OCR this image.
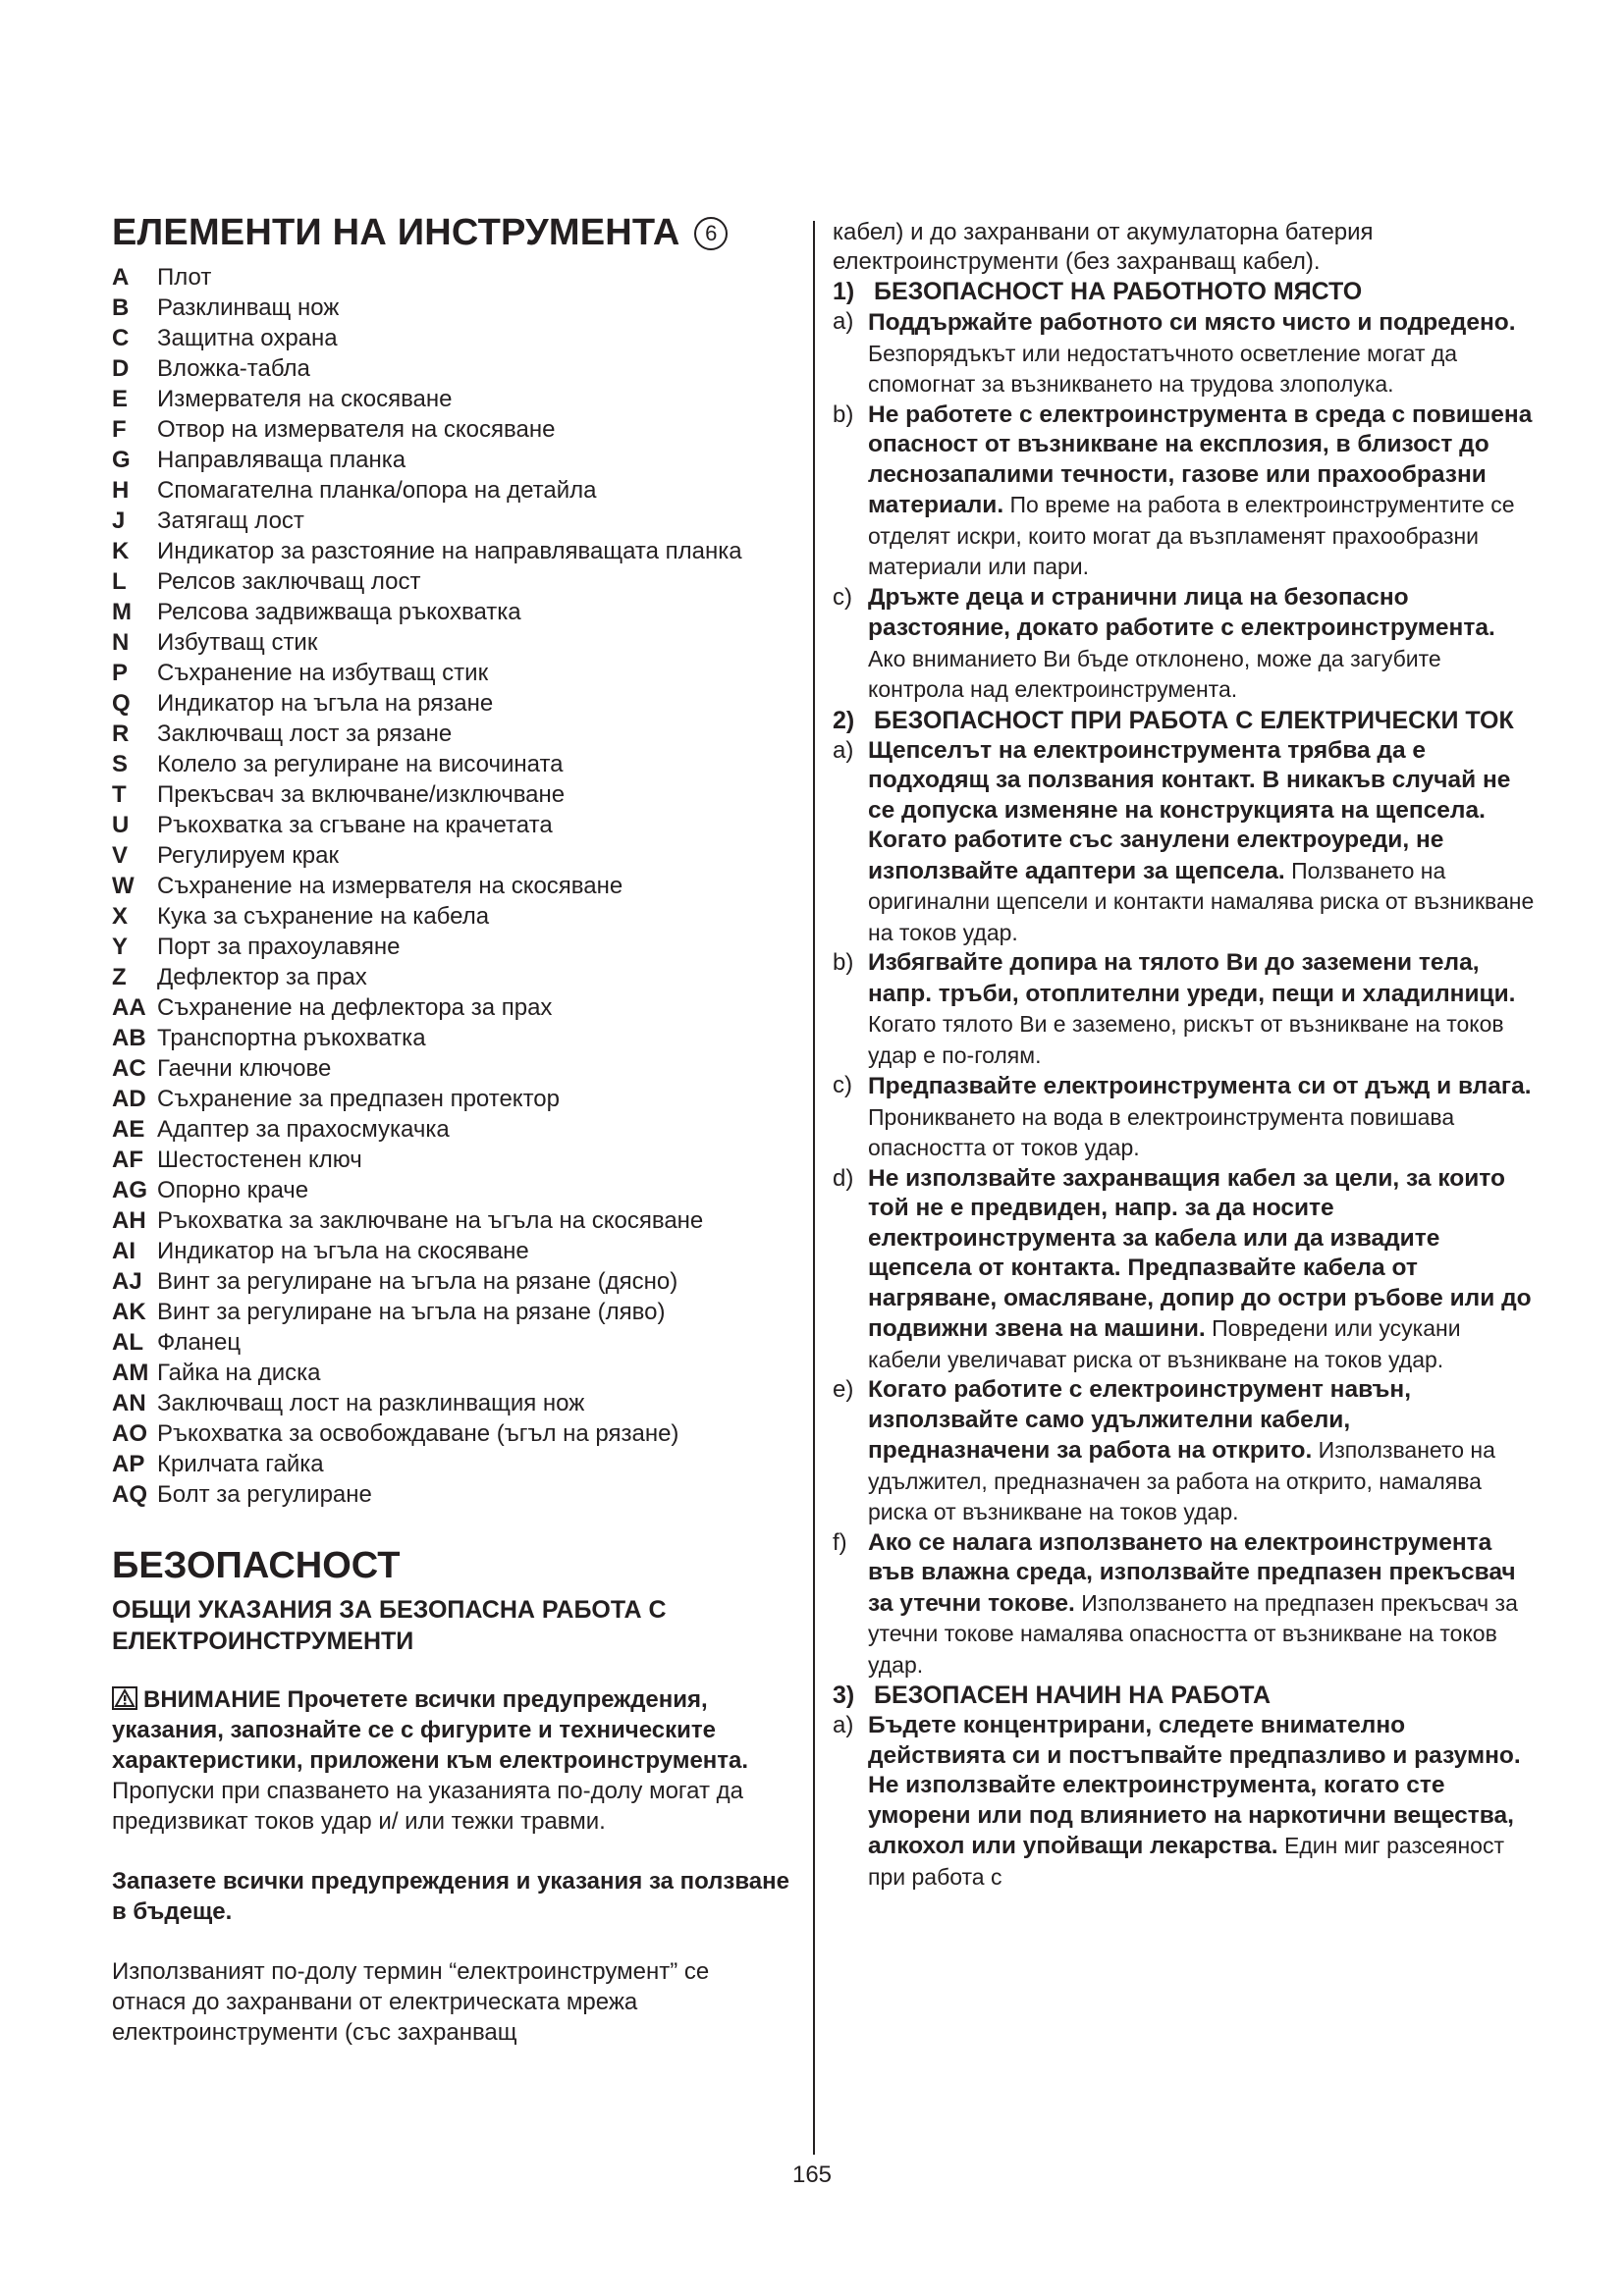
ЕЛЕМЕНТИ НА ИНСТРУМЕНТА 6
A	Плот
B	Разклинващ нож
C	Защитна охрана
D	Вложка-табла
E	Измервателя на скосяване
F	Отвор на измервателя на скосяване
G	Направляваща планка
H	Спомагателна планка/опора на детайла
J	Затягащ лост
K	Индикатор за разстояние на направляващата планка
L	Релсов заключващ лост
M	Релсова задвижваща ръкохватка
N	Избутващ стик
P	Съхранение на избутващ стик
Q	Индикатор на ъгъла на рязане
R	Заключващ лост за рязане
S	Колело за регулиране на височината
T	Прекъсвач за включване/изключване
U	Ръкохватка за сгъване на крачетата
V	Регулируем крак
W Съхранение на измервателя на скосяване
X	Кука за съхранение на кабела
Y	Порт за прахоулавяне
Z	Дефлектор за прах
AA Съхранение на дефлектора за прах
AB Транспортна ръкохватка
AC Гаечни ключове
AD Съхранение за предпазен протектор
AE Адаптер за прахосмукачка
AF Шестостенен ключ
AG Опорно краче
AH Ръкохватка за заключване на ъгъла на скосяване
AI Индикатор на ъгъла на скосяване
AJ Винт за регулиране на ъгъла на рязане (дясно)
AK Винт за регулиране на ъгъла на рязане (ляво)
AL Фланец
AM Гайка на диска
AN Заключващ лост на разклинващия нож
AO Ръкохватка за освобождаване (ъгъл на рязане)
AP Крилчата гайка
AQ Болт за регулиране
БЕЗОПАСНОСТ
ОБЩИ УКАЗАНИЯ ЗА БЕЗОПАСНА РАБОТА С ЕЛЕКТРОИНСТРУМЕНТИ
ВНИМАНИЕ Прочетете всички предупреждения, указания, запознайте се с фигурите и техническите характеристики, приложени към електроинструмента. Пропуски при спазването на указанията по-долу могат да предизвикат токов удар и/ или тежки травми.
Запазете всички предупреждения и указания за ползване в бъдеще.
Използваният по-долу термин “електроинструмент” се отнася до захранвани от електрическата мрежа електроинструменти (със захранващ
кабел) и до захранвани от акумулаторна батерия електроинструменти (без захранващ кабел).
1) БЕЗОПАСНОСТ НА РАБОТНОТО МЯСТО
a) Поддържайте работното си място чисто и подредено. Безпорядъкът или недостатъчното осветление могат да спомогнат за възникването на трудова злополука.
b) Не работете с електроинструмента в среда с повишена опасност от възникване на експлозия, в близост до леснозапалими течности, газове или прахообразни материали. По време на работа в електроинструментите се отделят искри, които могат да възпламенят прахообразни материали или пари.
c) Дръжте деца и странични лица на безопасно разстояние, докато работите с електроинструмента. Ако вниманието Ви бъде отклонено, може да загубите контрола над електроинструмента.
2) БЕЗОПАСНОСТ ПРИ РАБОТА С ЕЛЕКТРИЧЕСКИ ТОК
a) Щепселът на електроинструмента трябва да е подходящ за ползвания контакт. В никакъв случай не се допуска изменяне на конструкцията на щепсела. Когато работите със занулени електроуреди, не използвайте адаптери за щепсела. Ползването на оригинални щепсели и контакти намалява риска от възникване на токов удар.
b) Избягвайте допира на тялото Ви до заземени тела, напр. тръби, отоплителни уреди, пещи и хладилници. Когато тялото Ви е заземено, рискът от възникване на токов удар е по-голям.
c) Предпазвайте електроинструмента си от дъжд и влага. Проникването на вода в електроинструмента повишава опасността от токов удар.
d) Не използвайте захранващия кабел за цели, за които той не е предвиден, напр. за да носите електроинструмента за кабела или да извадите щепсела от контакта. Предпазвайте кабела от нагряване, омасляване, допир до остри ръбове или до подвижни звена на машини. Повредени или усукани кабели увеличават риска от възникване на токов удар.
e) Когато работите с електроинструмент навън, използвайте само удължителни кабели, предназначени за работа на открито. Използването на удължител, предназначен за работа на открито, намалява риска от възникване на токов удар.
f) Ако се налага използването на електроинструмента във влажна среда, използвайте предпазен прекъсвач за утечни токове. Използването на предпазен прекъсвач за утечни токове намалява опасността от възникване на токов удар.
3) БЕЗОПАСЕН НАЧИН НА РАБОТА
a) Бъдете концентрирани, следете внимателно действията си и постъпвайте предпазливо и разумно. Не използвайте електроинструмента, когато сте уморени или под влиянието на наркотични вещества, алкохол или упойващи лекарства. Един миг разсеяност при работа с
165
